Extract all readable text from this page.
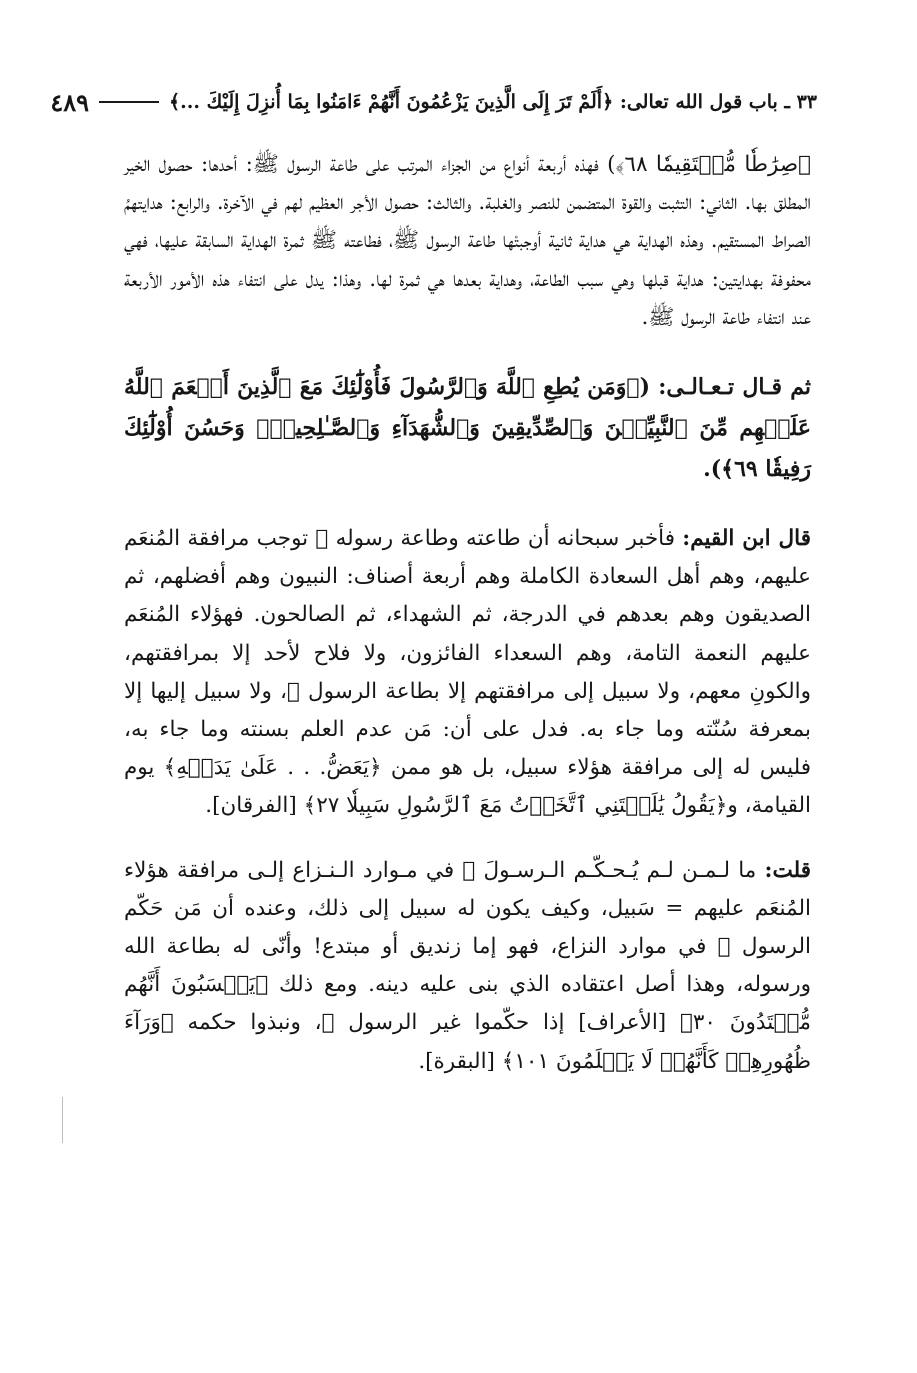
٣٣ ـ باب قول الله تعالى: ﴿أَلَمْ تَرَ إِلَى الَّذِينَ يَزْعُمُونَ أَنَّهُمْ ءَامَنُوا بِمَا أُنزِلَ إِلَيْكَ ...﴾
٤٨٩

﴿صِرَٰطٗا مُّسۡتَقِيمٗا ٦٨﴾) فهذه أربعة أنواع من الجزاء المرتب على طاعة الرسول ﷺ: أحدها: حصول الخير المطلق بها. الثاني: التثبت والقوة المتضمن للنصر والغلبة. والثالث: حصول الأجر العظيم لهم في الآخرة. والرابع: هدايتهمُ الصراط المستقيم. وهذه الهداية هي هداية ثانية أوجبتْها طاعة الرسول ﷺ، فطاعته ﷺ ثمرة الهداية السابقة عليها، فهي محفوفة بهدايتين: هداية قبلها وهي سبب الطاعة، وهداية بعدها هي ثمرة لها. وهذا: يدل على انتفاء هذه الأمور الأربعة عند انتفاء طاعة الرسول ﷺ.

ثم قـال تـعـالـى: (﴿وَمَن يُطِعِ ٱللَّهَ وَٱلرَّسُولَ فَأُوْلَٰٓئِكَ مَعَ ٱلَّذِينَ أَنۡعَمَ ٱللَّهُ عَلَيۡهِم مِّنَ ٱلنَّبِيِّـۧنَ وَٱلصِّدِّيقِينَ وَٱلشُّهَدَآءِ وَٱلصَّـٰلِحِينَۚ وَحَسُنَ أُوْلَٰٓئِكَ رَفِيقٗا ٦٩﴾).

قال ابن القيم: فأخبر سبحانه أن طاعته وطاعة رسوله ﷺ توجب مرافقة المُنعَم عليهم، وهم أهل السعادة الكاملة وهم أربعة أصناف: النبيون وهم أفضلهم، ثم الصديقون وهم بعدهم في الدرجة، ثم الشهداء، ثم الصالحون. فهؤلاء المُنعَم عليهم النعمة التامة، وهم السعداء الفائزون، ولا فلاح لأحد إلا بمرافقتهم، والكونِ معهم، ولا سبيل إلى مرافقتهم إلا بطاعة الرسول ﷺ، ولا سبيل إليها إلا بمعرفة سُنّته وما جاء به. فدل على أن: مَن عدم العلم بسنته وما جاء به، فليس له إلى مرافقة هؤلاء سبيل، بل هو ممن ﴿يَعَضُّ. . . عَلَىٰ يَدَيۡهِ﴾ يوم القيامة، و﴿يَقُولُ يَٰلَيۡتَنِي ٱتَّخَذۡتُ مَعَ ٱلرَّسُولِ سَبِيلٗا ٢٧﴾ [الفرقان].

قلت: ما لـمـن لـم يُـحـكّـم الـرسـولَ ﷺ في مـوارد الـنـزاع إلـى مرافقة هؤلاء المُنعَم عليهم = سَبيل، وكيف يكون له سبيل إلى ذلك، وعنده أن مَن حَكّم الرسول ﷺ في موارد النزاع، فهو إما زنديق أو مبتدع! وأنّى له بطاعة الله ورسوله، وهذا أصل اعتقاده الذي بنى عليه دينه. ومع ذلك ﴿يَحۡسَبُونَ أَنَّهُم مُّهۡتَدُونَ ٣٠﴾ [الأعراف] إذا حكّموا غير الرسول ﷺ، ونبذوا حكمه ﴿وَرَآءَ ظُهُورِهِمۡ كَأَنَّهُمۡ لَا يَعۡلَمُونَ ١٠١﴾ [البقرة].
